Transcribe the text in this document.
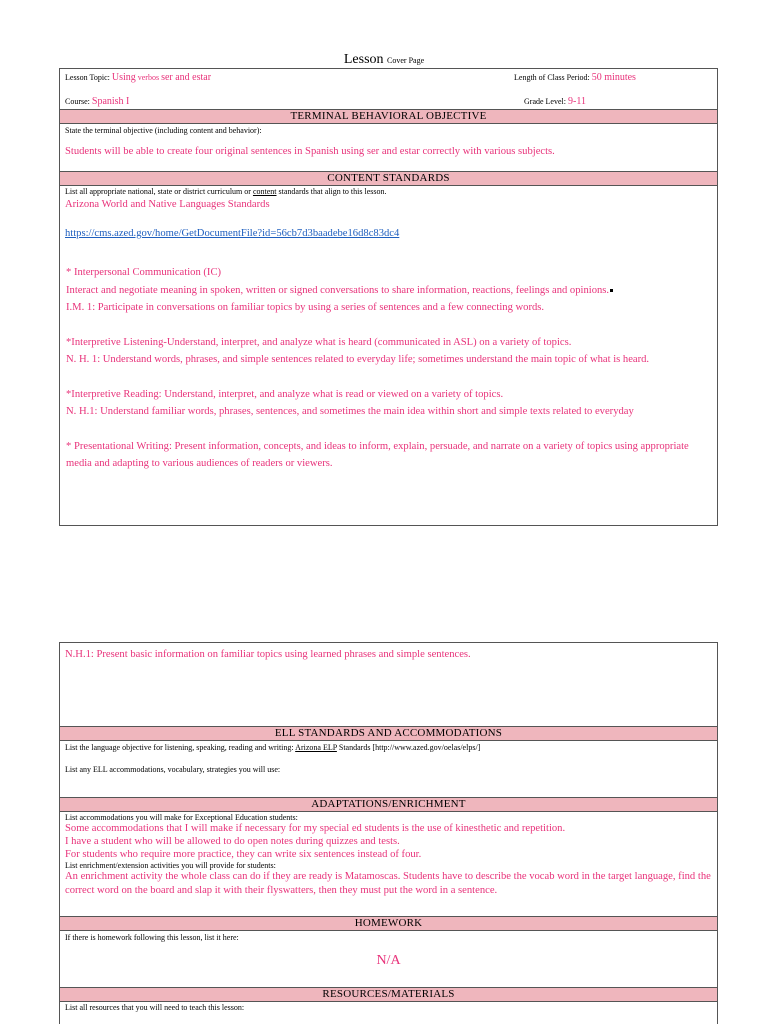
Lesson Cover Page
Lesson Topic: Using verbos ser and estar	Length of Class Period: 50 minutes
Course: Spanish I	Grade Level: 9-11
TERMINAL BEHAVIORAL OBJECTIVE
State the terminal objective (including content and behavior):
Students will be able to create four original sentences in Spanish using ser and estar correctly with various subjects.
CONTENT STANDARDS
List all appropriate national, state or district curriculum or content standards that align to this lesson.
Arizona World and Native Languages Standards
https://cms.azed.gov/home/GetDocumentFile?id=56cb7d3baadebe16d8c83dc4

* Interpersonal Communication (IC)

Interact and negotiate meaning in spoken, written or signed conversations to share information, reactions, feelings and opinions.

I.M. 1: Participate in conversations on familiar topics by using a series of sentences and a few connecting words.

*Interpretive Listening-Understand, interpret, and analyze what is heard (communicated in ASL) on a variety of topics.

N. H. 1: Understand words, phrases, and simple sentences related to everyday life; sometimes understand the main topic of what is heard.

*Interpretive Reading: Understand, interpret, and analyze what is read or viewed on a variety of topics.

N. H.1: Understand familiar words, phrases, sentences, and sometimes the main idea within short and simple texts related to everyday

* Presentational Writing: Present information, concepts, and ideas to inform, explain, persuade, and narrate on a variety of topics using appropriate media and adapting to various audiences of readers or viewers.

N.H.1: Present basic information on familiar topics using learned phrases and simple sentences.
ELL STANDARDS AND ACCOMMODATIONS
List the language objective for listening, speaking, reading and writing: Arizona ELP Standards [http://www.azed.gov/oelas/elps/]
List any ELL accommodations, vocabulary, strategies you will use:
ADAPTATIONS/ENRICHMENT
List accommodations you will make for Exceptional Education students:
Some accommodations that I will make if necessary for my special ed students is the use of kinesthetic and repetition.
I have a student who will be allowed to do open notes during quizzes and tests.
For students who require more practice, they can write six sentences instead of four.
List enrichment/extension activities you will provide for students:
An enrichment activity the whole class can do if they are ready is Matamoscas. Students have to describe the vocab word in the target language, find the correct word on the board and slap it with their flyswatters, then they must put the word in a sentence.
HOMEWORK
If there is homework following this lesson, list it here:
N/A
RESOURCES/MATERIALS
List all resources that you will need to teach this lesson:
